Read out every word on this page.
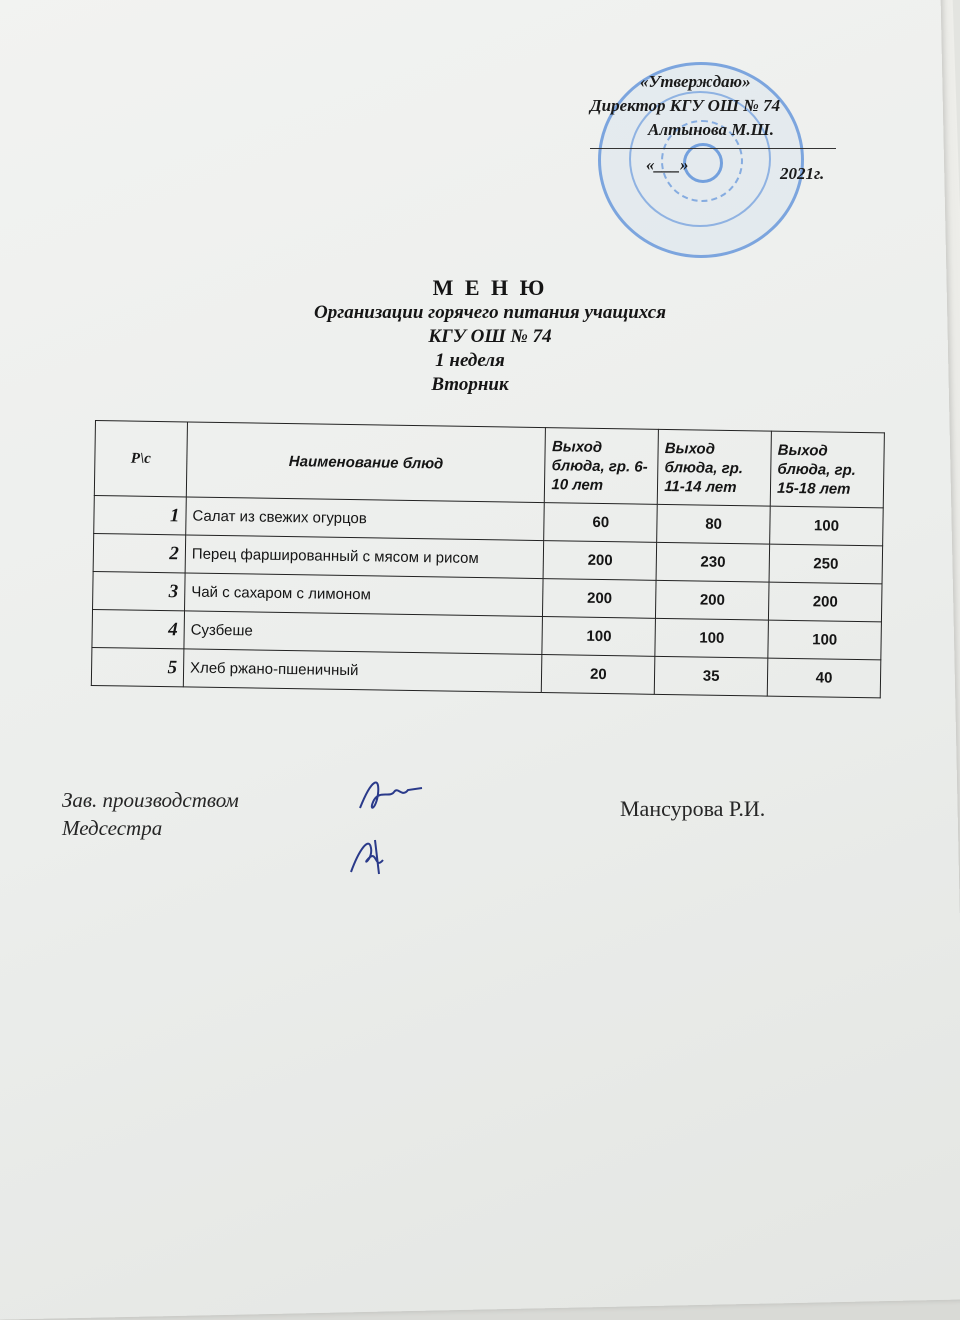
«Утверждаю»
Директор КГУ ОШ № 74
Алтынова М.Ш.
«___»	2021г.
М Е Н Ю
Организации горячего питания учащихся
КГУ ОШ № 74
1 неделя
Вторник
Р\с	Наименование блюд	Выход блюда, гр. 6-10 лет	Выход блюда, гр. 11-14 лет	Выход блюда, гр. 15-18 лет
1	Салат из свежих огурцов	60	80	100
2	Перец фаршированный с мясом и рисом	200	230	250
3	Чай с сахаром с лимоном	200	200	200
4	Сузбеше	100	100	100
5	Хлеб ржано-пшеничный	20	35	40
Зав. производством
Медсестра
Мансурова Р.И.
